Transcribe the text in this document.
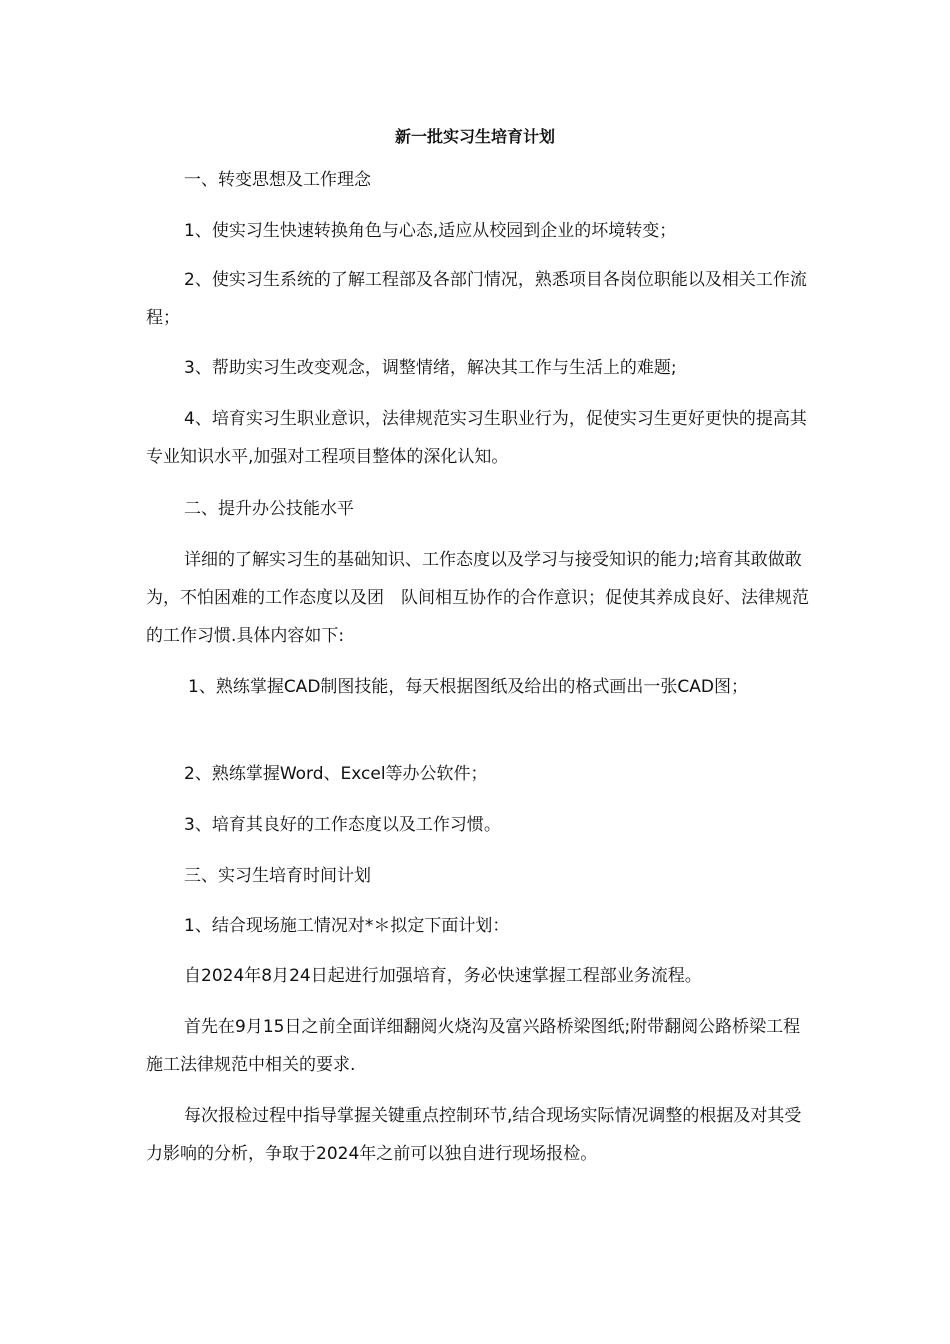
新一批实习生培育计划

一、转变思想及工作理念

1、使实习生快速转换角色与心态,适应从校园到企业的坏境转变；

2、使实习生系统的了解工程部及各部门情况，熟悉项目各岗位职能以及相关工作流程；

3、帮助实习生改变观念，调整情绪，解决其工作与生活上的难题;

4、培育实习生职业意识，法律规范实习生职业行为，促使实习生更好更快的提高其专业知识水平,加强对工程项目整体的深化认知。

二、提升办公技能水平

详细的了解实习生的基础知识、工作态度以及学习与接受知识的能力;培育其敢做敢为，不怕困难的工作态度以及团　队间相互协作的合作意识；促使其养成良好、法律规范的工作习惯.具体内容如下:

1、熟练掌握CAD制图技能，每天根据图纸及给出的格式画出一张CAD图；

2、熟练掌握Word、Excel等办公软件；

3、培育其良好的工作态度以及工作习惯。

三、实习生培育时间计划

1、结合现场施工情况对*＊拟定下面计划：

自2024年8月24日起进行加强培育，务必快速掌握工程部业务流程。

首先在9月15日之前全面详细翻阅火烧沟及富兴路桥梁图纸;附带翻阅公路桥梁工程施工法律规范中相关的要求.

每次报检过程中指导掌握关键重点控制环节,结合现场实际情况调整的根据及对其受力影响的分析，争取于2024年之前可以独自进行现场报检。
